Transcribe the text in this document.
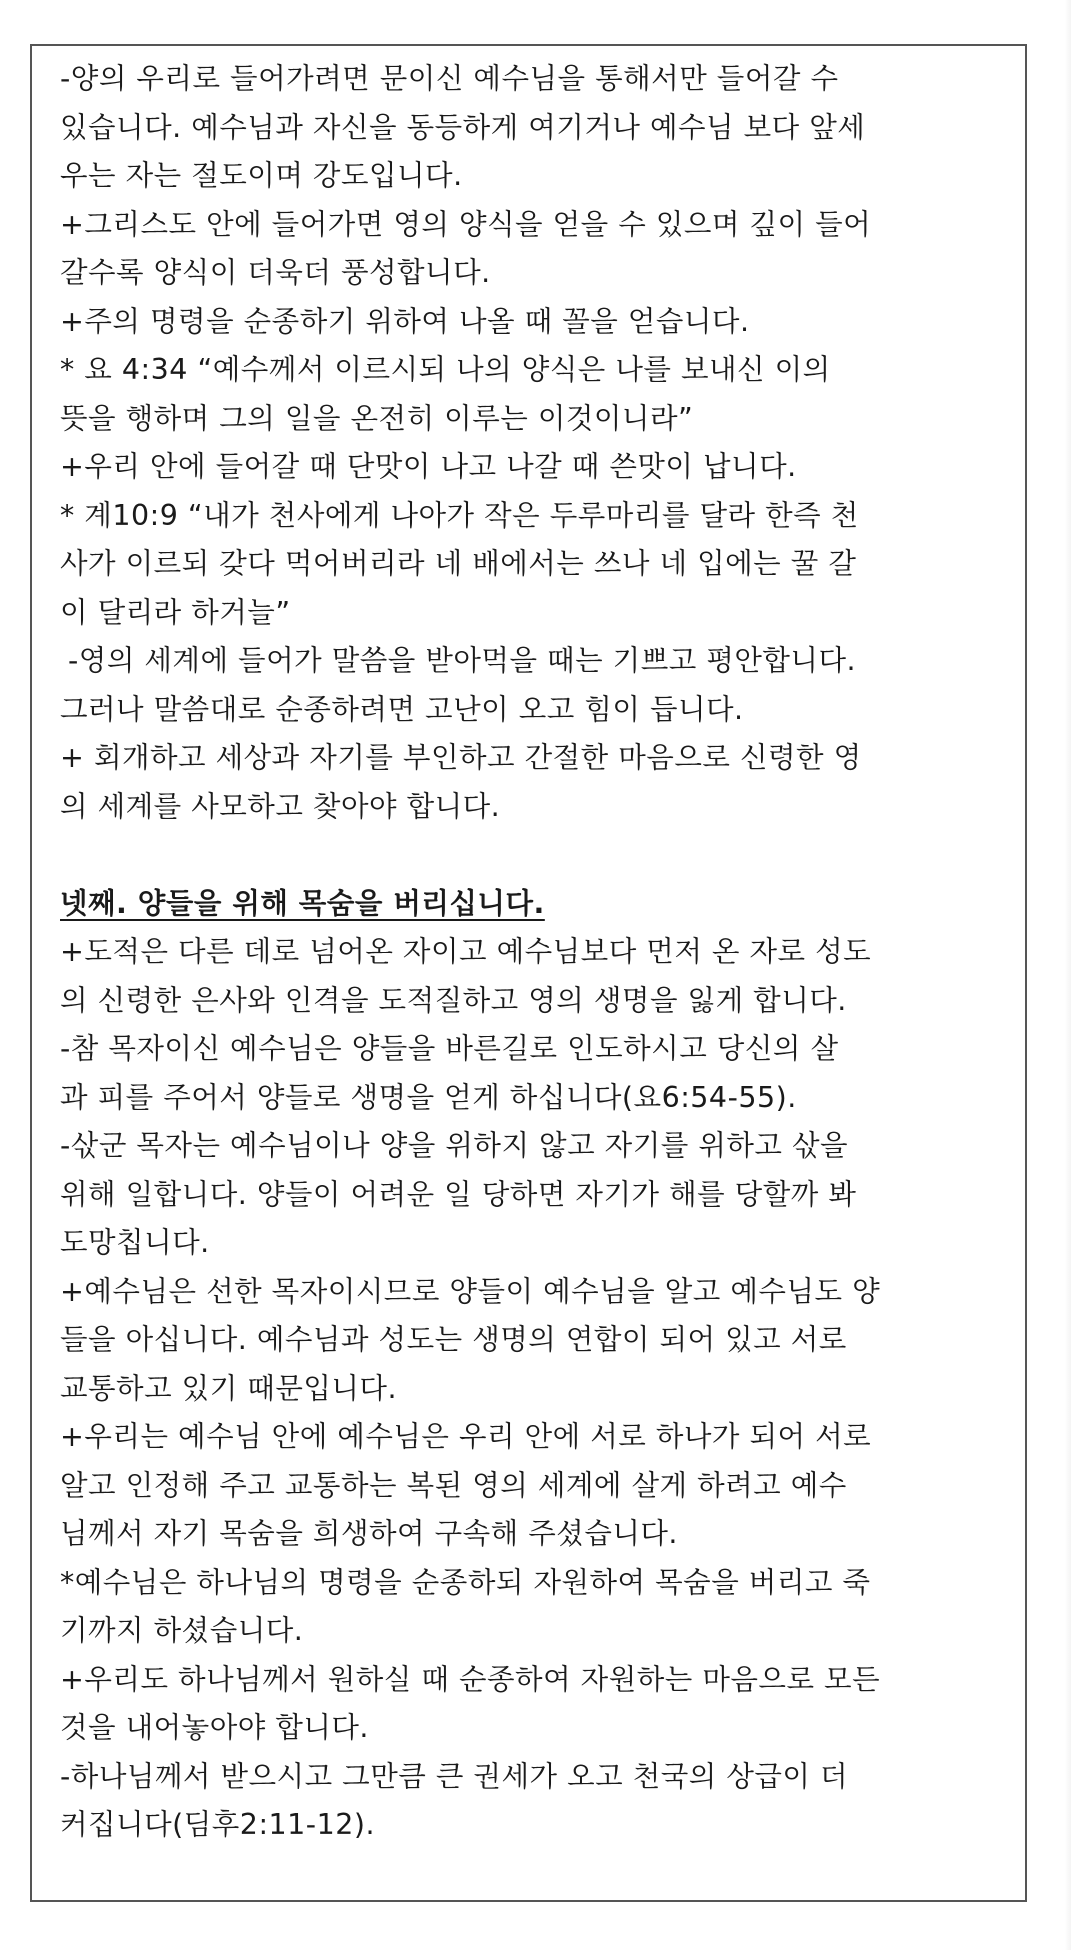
-양의 우리로 들어가려면 문이신 예수님을 통해서만 들어갈 수
있습니다. 예수님과 자신을 동등하게 여기거나 예수님 보다 앞세
우는 자는 절도이며 강도입니다.
+그리스도 안에 들어가면 영의 양식을 얻을 수 있으며 깊이 들어
갈수록 양식이 더욱더 풍성합니다.
+주의 명령을 순종하기 위하여 나올 때 꼴을 얻습니다.
* 요 4:34 “예수께서 이르시되 나의 양식은 나를 보내신 이의
뜻을 행하며 그의 일을 온전히 이루는 이것이니라”
+우리 안에 들어갈 때 단맛이 나고 나갈 때 쓴맛이 납니다.
* 계10:9 “내가 천사에게 나아가 작은 두루마리를 달라 한즉 천
사가 이르되 갖다 먹어버리라 네 배에서는 쓰나 네 입에는 꿀 갈
이 달리라 하거늘”
-영의 세계에 들어가 말씀을 받아먹을 때는 기쁘고 평안합니다.
그러나 말씀대로 순종하려면 고난이 오고 힘이 듭니다.
+ 회개하고 세상과 자기를 부인하고 간절한 마음으로 신령한 영
의 세계를 사모하고 찾아야 합니다.
넷째. 양들을 위해 목숨을 버리십니다.
+도적은 다른 데로 넘어온 자이고 예수님보다 먼저 온 자로 성도
의 신령한 은사와 인격을 도적질하고 영의 생명을 잃게 합니다.
-참 목자이신 예수님은 양들을 바른길로 인도하시고 당신의 살
과 피를 주어서 양들로 생명을 얻게 하십니다(요6:54-55).
-삯군 목자는 예수님이나 양을 위하지 않고 자기를 위하고 삯을
위해 일합니다. 양들이 어려운 일 당하면 자기가 해를 당할까 봐
도망칩니다.
+예수님은 선한 목자이시므로 양들이 예수님을 알고 예수님도 양
들을 아십니다. 예수님과 성도는 생명의 연합이 되어 있고 서로
교통하고 있기 때문입니다.
+우리는 예수님 안에 예수님은 우리 안에 서로 하나가 되어 서로
알고 인정해 주고 교통하는 복된 영의 세계에 살게 하려고 예수
님께서 자기 목숨을 희생하여 구속해 주셨습니다.
*예수님은 하나님의 명령을 순종하되 자원하여 목숨을 버리고 죽
기까지 하셨습니다.
+우리도 하나님께서 원하실 때 순종하여 자원하는 마음으로 모든
것을 내어놓아야 합니다.
-하나님께서 받으시고 그만큼 큰 권세가 오고 천국의 상급이 더
커집니다(딤후2:11-12).
